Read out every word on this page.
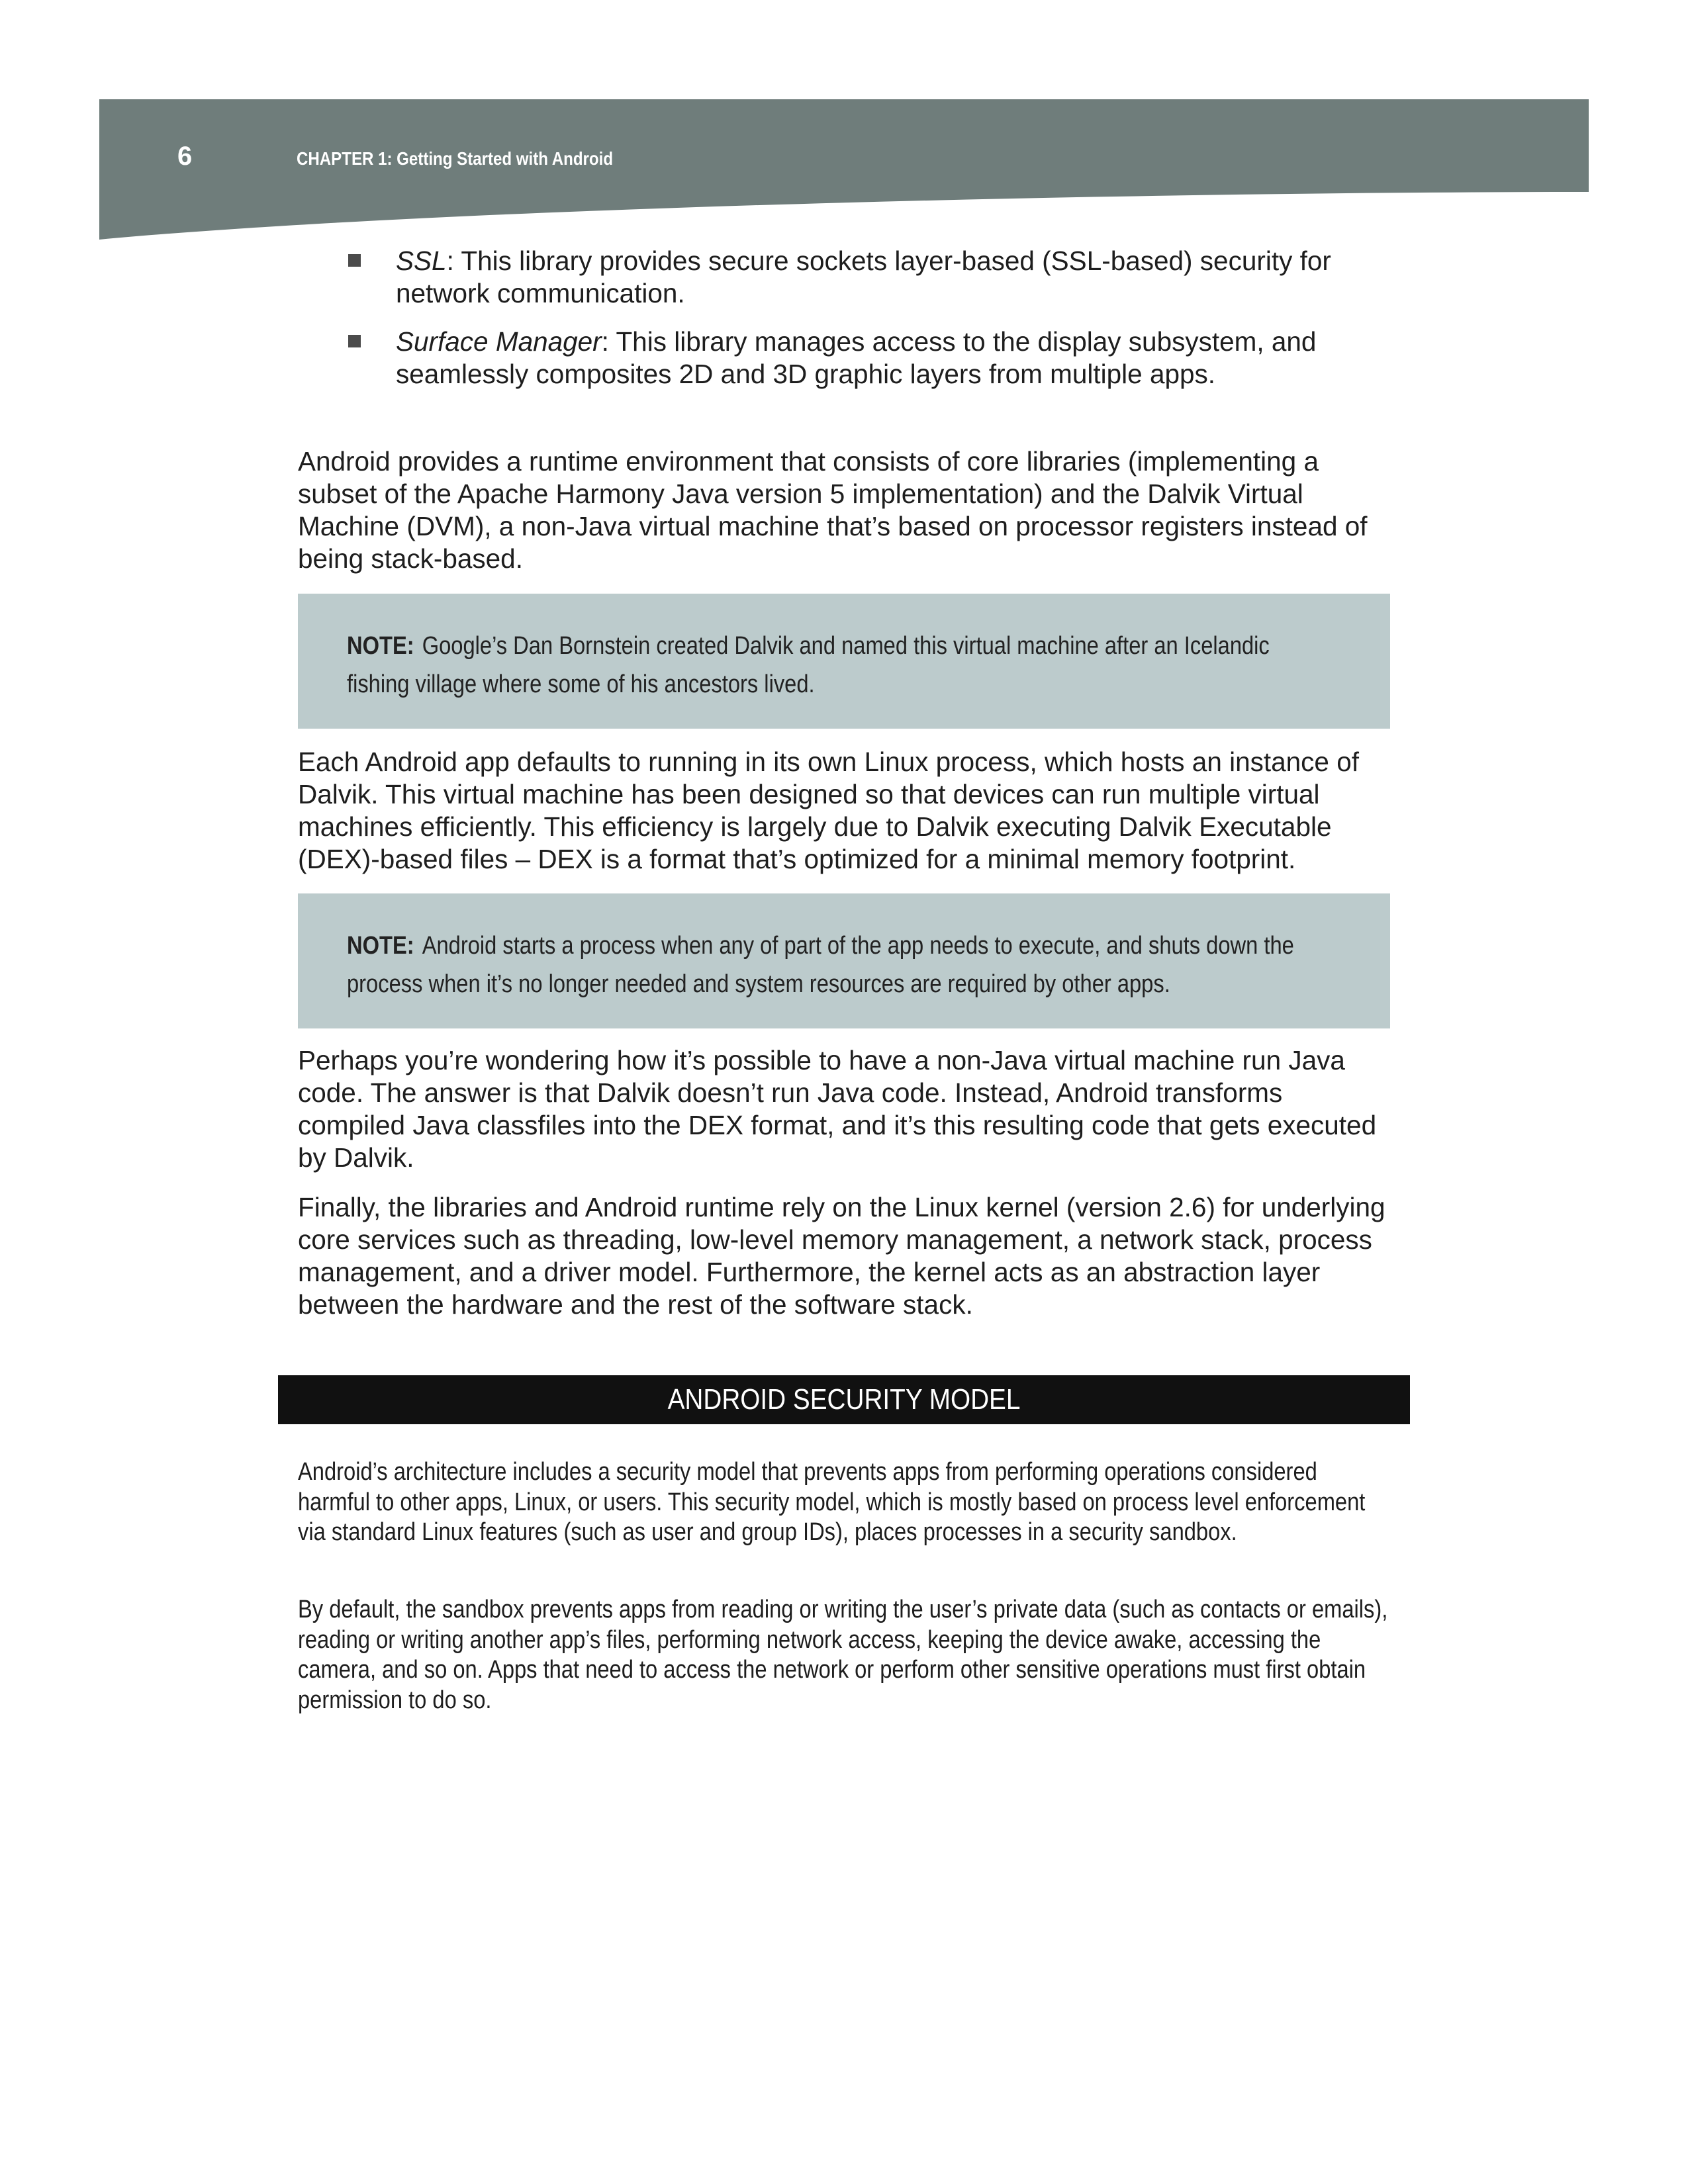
6	CHAPTER 1: Getting Started with Android
SSL: This library provides secure sockets layer-based (SSL-based) security for network communication.
Surface Manager: This library manages access to the display subsystem, and seamlessly composites 2D and 3D graphic layers from multiple apps.

Android provides a runtime environment that consists of core libraries (implementing a subset of the Apache Harmony Java version 5 implementation) and the Dalvik Virtual Machine (DVM), a non-Java virtual machine that’s based on processor registers instead of being stack-based.

NOTE: Google’s Dan Bornstein created Dalvik and named this virtual machine after an Icelandic fishing village where some of his ancestors lived.

Each Android app defaults to running in its own Linux process, which hosts an instance of Dalvik. This virtual machine has been designed so that devices can run multiple virtual machines efficiently. This efficiency is largely due to Dalvik executing Dalvik Executable (DEX)-based files – DEX is a format that’s optimized for a minimal memory footprint.

NOTE: Android starts a process when any of part of the app needs to execute, and shuts down the process when it’s no longer needed and system resources are required by other apps.

Perhaps you’re wondering how it’s possible to have a non-Java virtual machine run Java code. The answer is that Dalvik doesn’t run Java code. Instead, Android transforms compiled Java classfiles into the DEX format, and it’s this resulting code that gets executed by Dalvik.

Finally, the libraries and Android runtime rely on the Linux kernel (version 2.6) for underlying core services such as threading, low-level memory management, a network stack, process management, and a driver model. Furthermore, the kernel acts as an abstraction layer between the hardware and the rest of the software stack.

ANDROID SECURITY MODEL

Android’s architecture includes a security model that prevents apps from performing operations considered harmful to other apps, Linux, or users. This security model, which is mostly based on process level enforcement via standard Linux features (such as user and group IDs), places processes in a security sandbox.

By default, the sandbox prevents apps from reading or writing the user’s private data (such as contacts or emails), reading or writing another app’s files, performing network access, keeping the device awake, accessing the camera, and so on. Apps that need to access the network or perform other sensitive operations must first obtain permission to do so.
